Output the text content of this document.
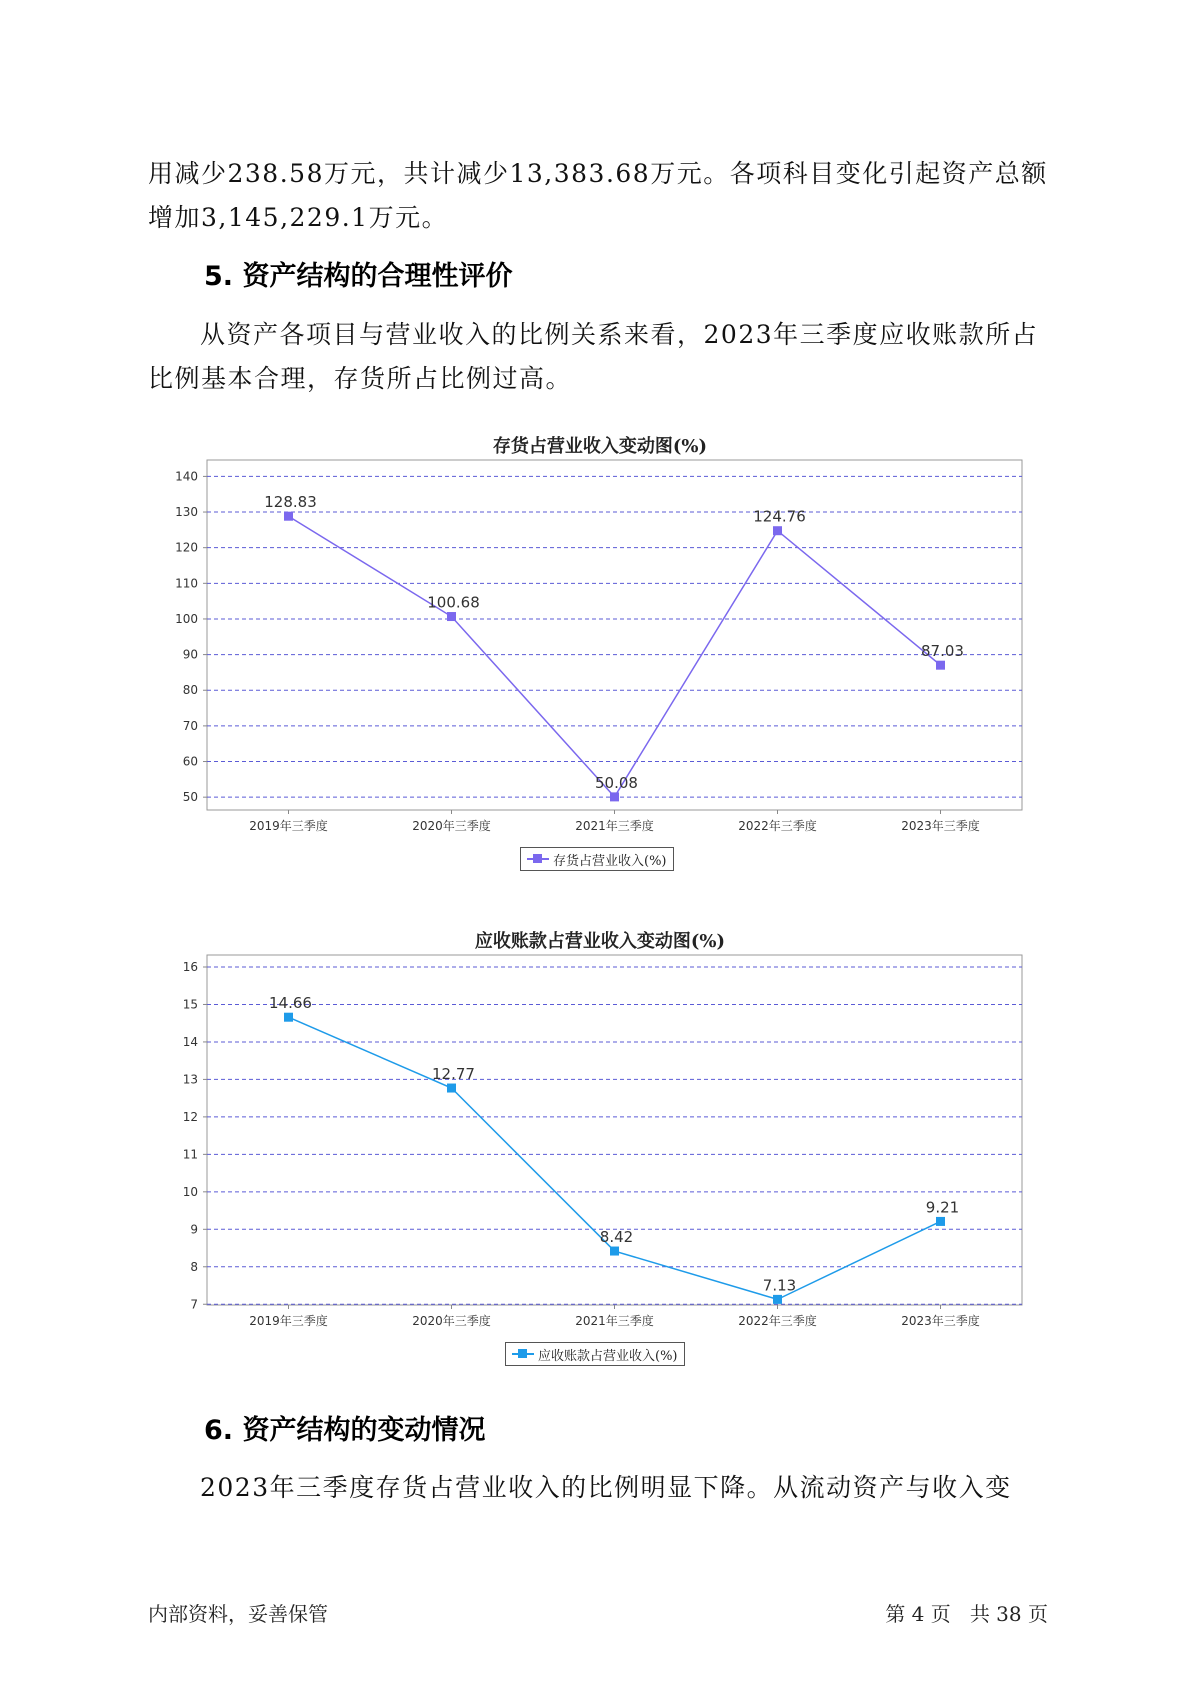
用减少238.58万元，共计减少13,383.68万元。各项科目变化引起资产总额增加3,145,229.1万元。

5. 资产结构的合理性评价

从资产各项目与营业收入的比例关系来看，2023年三季度应收账款所占比例基本合理，存货所占比例过高。

存货占营业收入变动图(%)
50
60
70
80
90
100
110
120
130
140
2019年三季度	2020年三季度	2021年三季度	2022年三季度	2023年三季度
128.83
100.68
50.08
124.76
87.03
存货占营业收入(%)
应收账款占营业收入变动图(%)
7
8
9
10
11
12
13
14
15
16
2019年三季度	2020年三季度	2021年三季度	2022年三季度	2023年三季度
14.66
12.77
8.42
7.13
9.21
应收账款占营业收入(%)
6. 资产结构的变动情况

2023年三季度存货占营业收入的比例明显下降。从流动资产与收入变

内部资料，妥善保管	第 4 页   共 38 页
